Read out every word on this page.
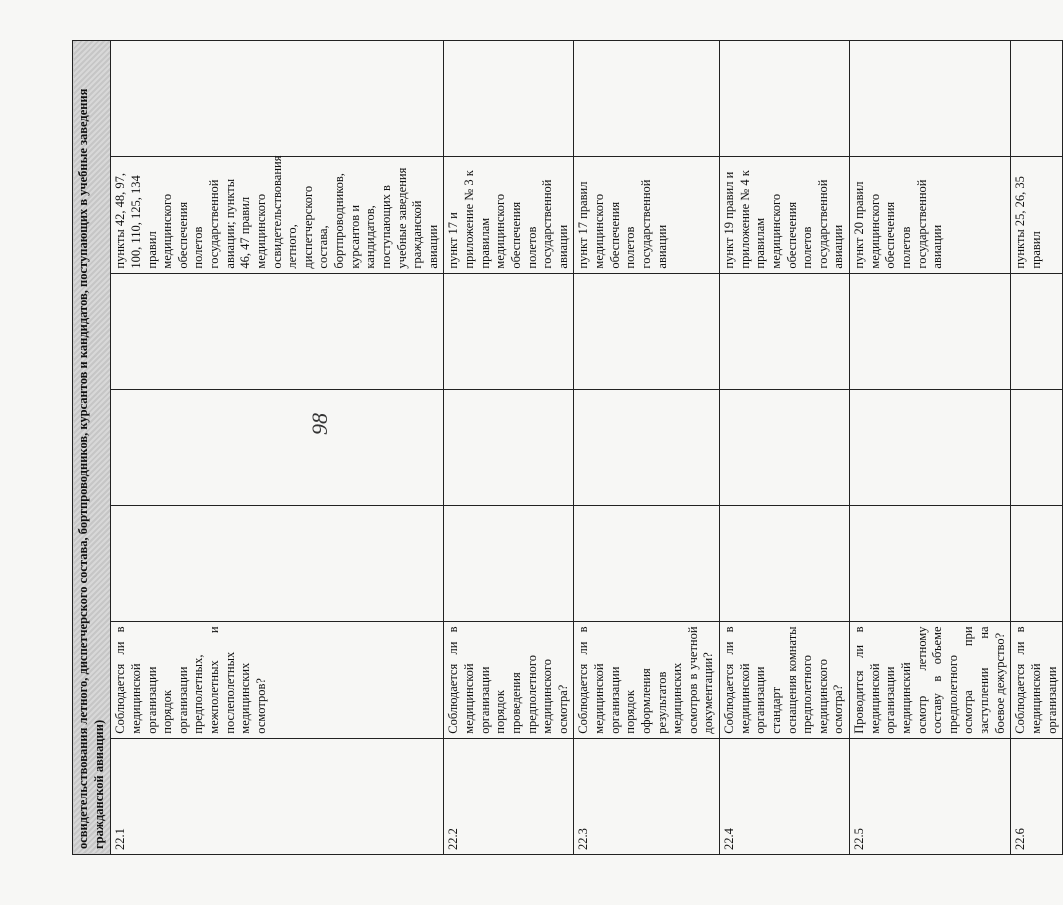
98
освидетельствования летного, диспетчерского состава, бортпроводников, курсантов и кандидатов, поступающих в учебные заведения гражданской авиации)						
22.1	Соблюдается ли в медицинской организации порядок организации предполетных, межполетных и послеполетных медицинских осмотров?				пункты 42, 48, 97, 100, 110, 125, 134 правил медицинского обеспечения полетов государственной авиации; пункты 46, 47 правил медицинского освидетельствования летного, диспетчерского состава, бортпроводников, курсантов и кандидатов, поступающих в учебные заведения гражданской авиации	
22.2	Соблюдается ли в медицинской организации порядок проведения предполетного медицинского осмотра?				пункт 17 и приложение № 3 к правилам медицинского обеспечения полетов государственной авиации	
22.3	Соблюдается ли в медицинской организации порядок оформления результатов медицинских осмотров в учетной документации?				пункт 17 правил медицинского обеспечения полетов государственной авиации	
22.4	Соблюдается ли в медицинской организации стандарт оснащения комнаты предполетного медицинского осмотра?				пункт 19 правил и приложение № 4 к правилам медицинского обеспечения полетов государственной авиации	
22.5	Проводится ли в медицинской организации медицинский осмотр летному составу в объеме предполетного осмотра при заступлении на боевое дежурство?				пункт 20 правил медицинского обеспечения полетов государственной авиации	
22.6	Соблюдается ли в медицинской организации				пункты 25, 26, 35 правил	
